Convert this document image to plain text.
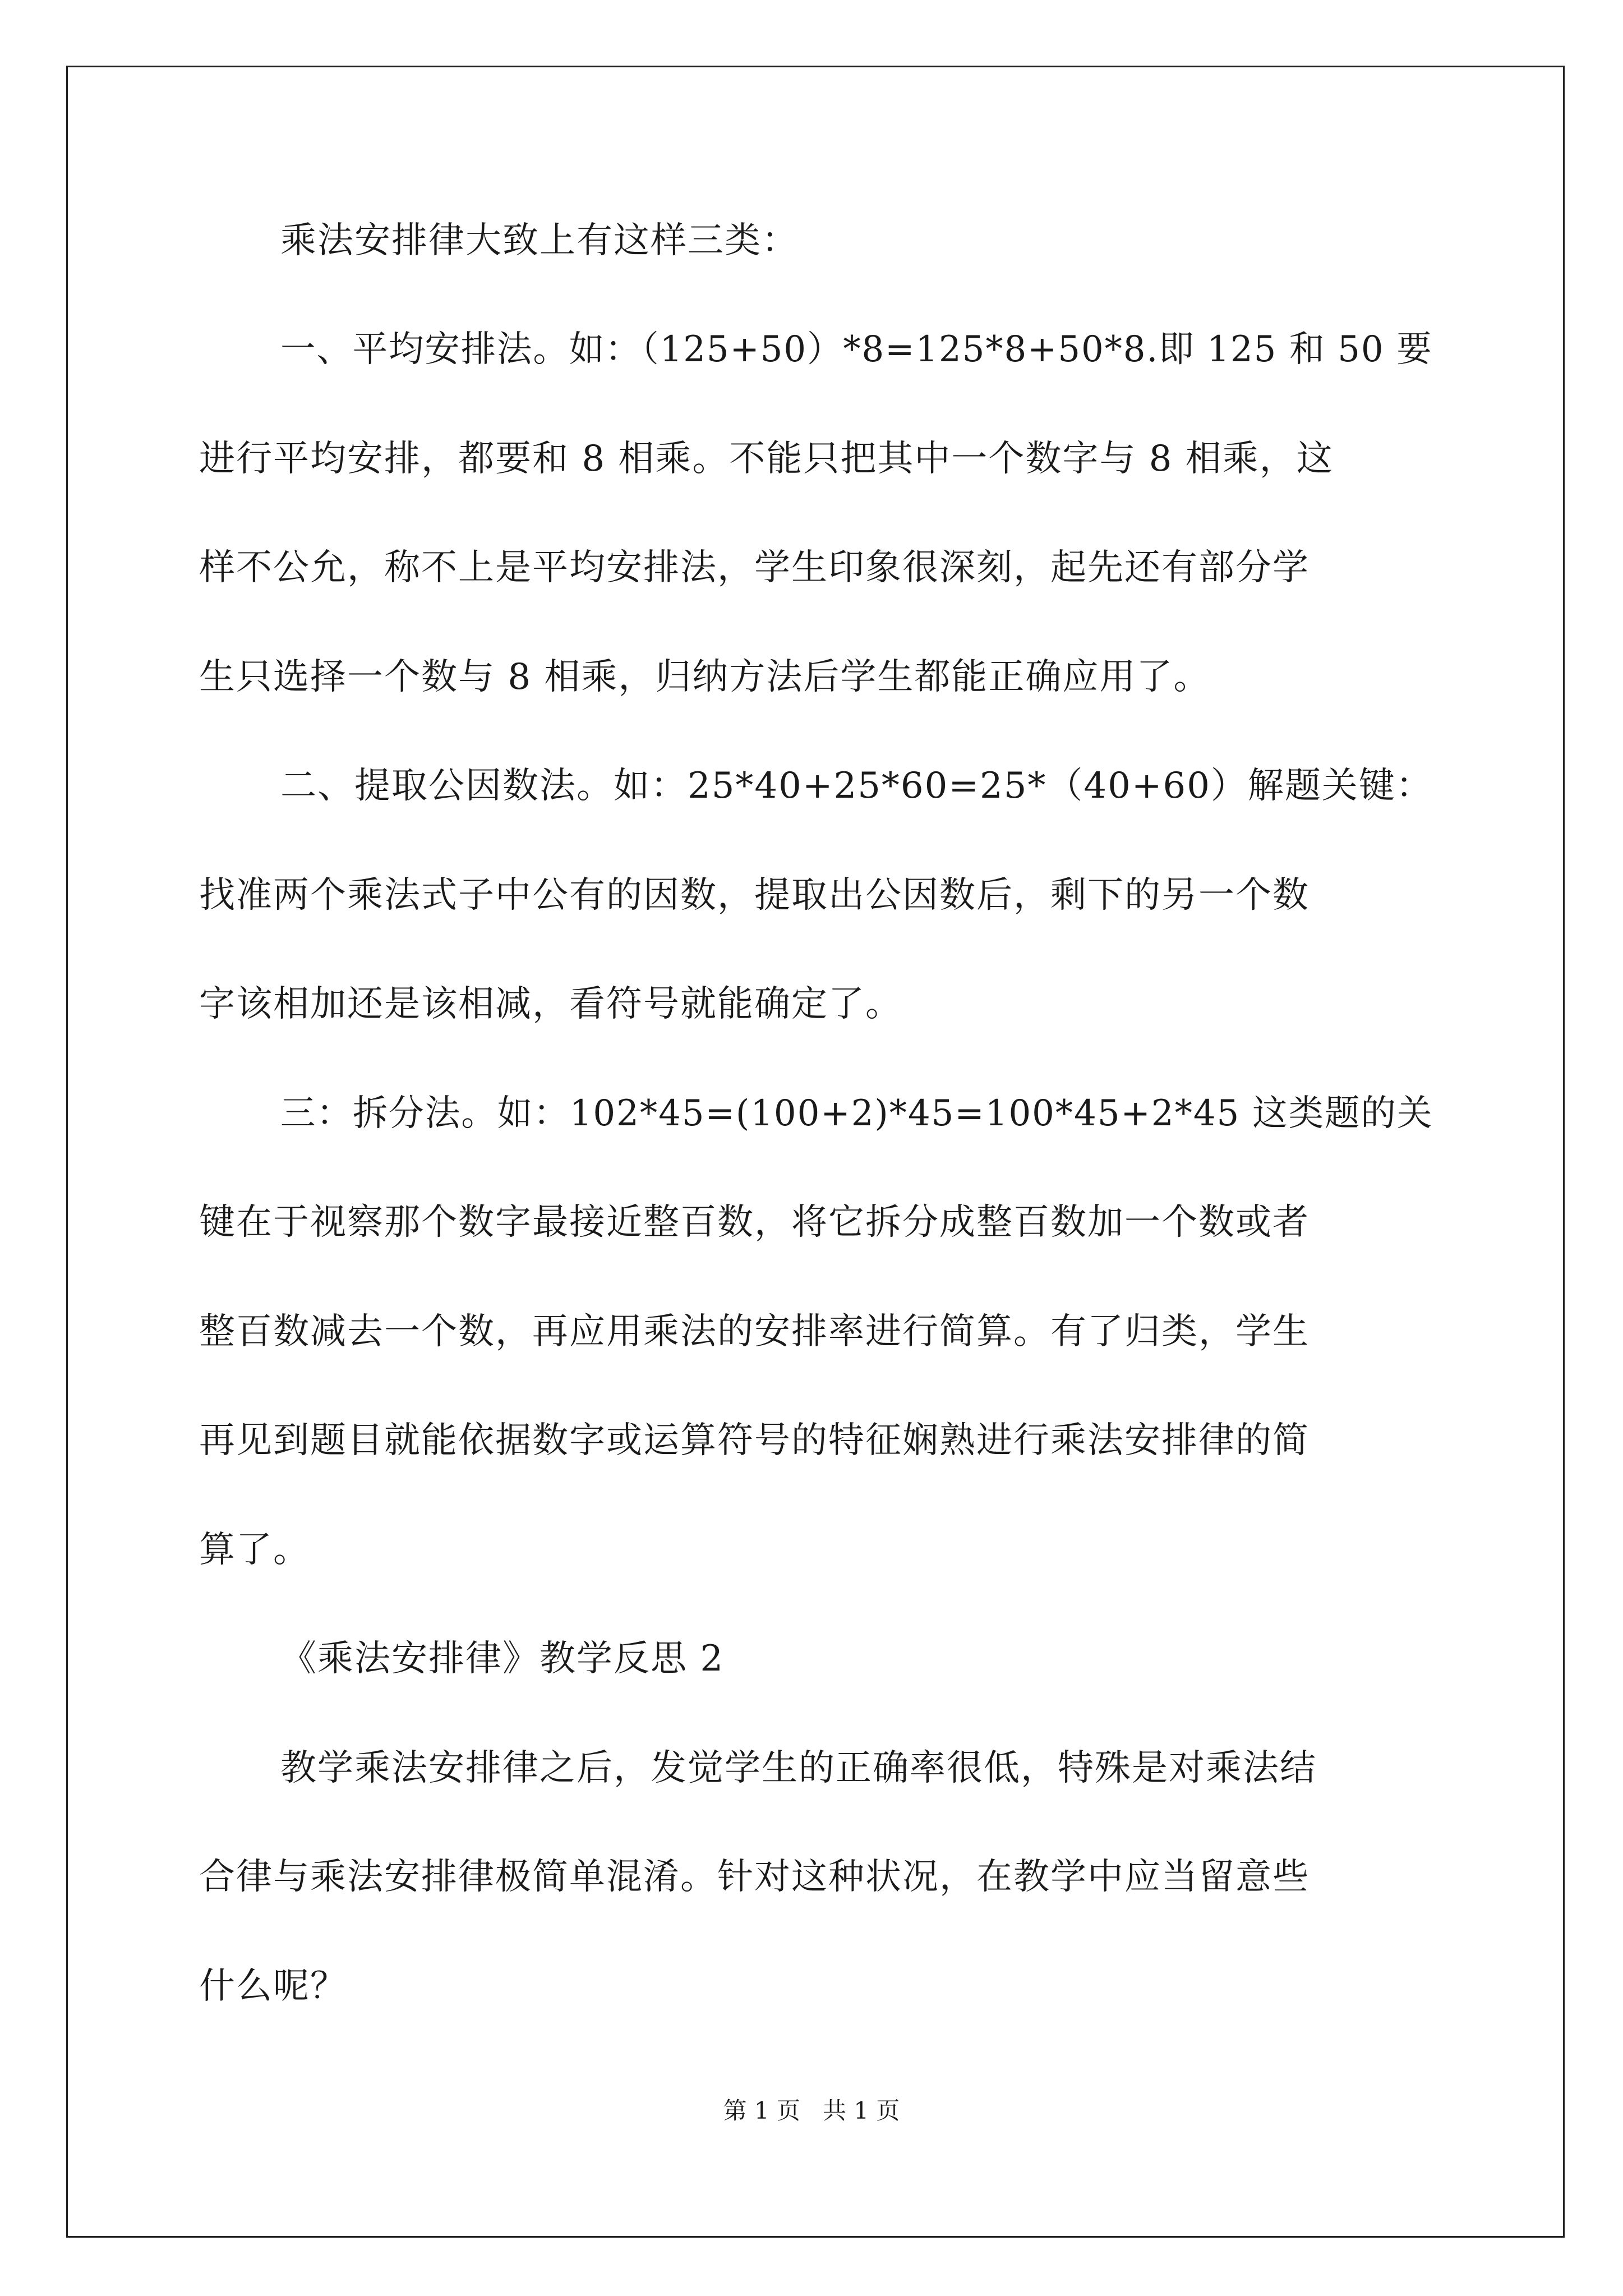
乘法安排律大致上有这样三类：
一、平均安排法。如：（125+50）*8=125*8+50*8.即 125 和 50 要
进行平均安排，都要和 8 相乘。不能只把其中一个数字与 8 相乘，这
样不公允，称不上是平均安排法，学生印象很深刻，起先还有部分学
生只选择一个数与 8 相乘，归纳方法后学生都能正确应用了。
二、提取公因数法。如：25*40+25*60=25*（40+60）解题关键：
找准两个乘法式子中公有的因数，提取出公因数后，剩下的另一个数
字该相加还是该相减，看符号就能确定了。
三：拆分法。如：102*45=(100+2)*45=100*45+2*45 这类题的关
键在于视察那个数字最接近整百数，将它拆分成整百数加一个数或者
整百数减去一个数，再应用乘法的安排率进行简算。有了归类，学生
再见到题目就能依据数字或运算符号的特征娴熟进行乘法安排律的简
算了。
《乘法安排律》教学反思 2
教学乘法安排律之后，发觉学生的正确率很低，特殊是对乘法结
合律与乘法安排律极简单混淆。针对这种状况，在教学中应当留意些
什么呢？
第 1 页 共 1 页
